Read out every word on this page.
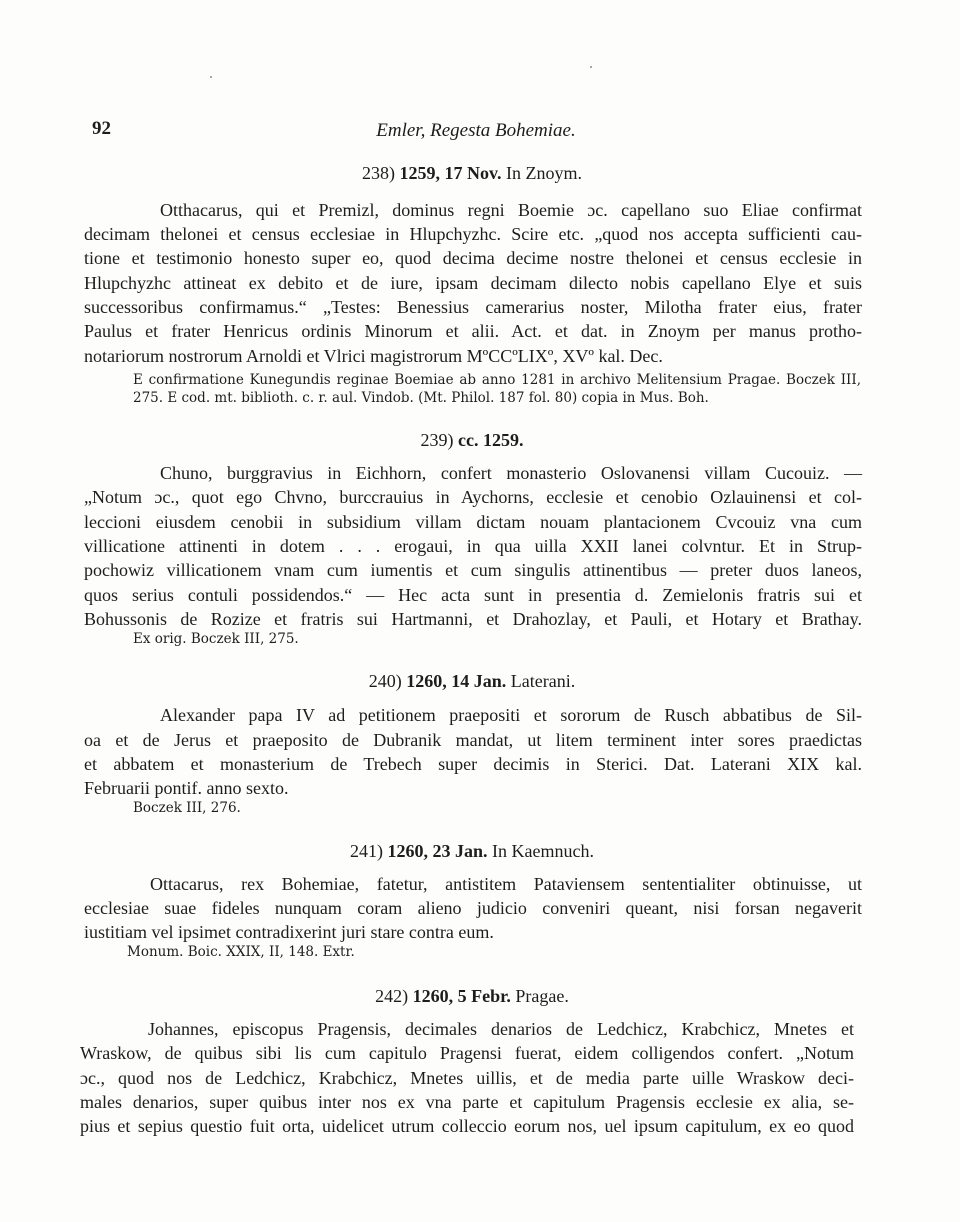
92	Emler, Regesta Bohemiae.
238) 1259, 17 Nov. In Znoym.
Otthacarus, qui et Premizl, dominus regni Boemie ɔc. capellano suo Eliae confirmat
decimam thelonei et census ecclesiae in Hlupchyzhc. Scire etc. „quod nos accepta sufficienti cau-
tione et testimonio honesto super eo, quod decima decime nostre thelonei et census ecclesie in
Hlupchyzhc attineat ex debito et de iure, ipsam decimam dilecto nobis capellano Elye et suis
successoribus confirmamus.“ „Testes: Benessius camerarius noster, Milotha frater eius, frater
Paulus et frater Henricus ordinis Minorum et alii. Act. et dat. in Znoym per manus protho-
notariorum nostrorum Arnoldi et Vlrici magistrorum MºCCºLIXº, XVº kal. Dec.
E confirmatione Kunegundis reginae Boemiae ab anno 1281 in archivo Melitensium Pragae. Boczek III,
275. E cod. mt. biblioth. c. r. aul. Vindob. (Mt. Philol. 187 fol. 80) copia in Mus. Boh.
239) cc. 1259.
Chuno, burggravius in Eichhorn, confert monasterio Oslovanensi villam Cucouiz. —
„Notum ɔc., quot ego Chvno, burccrauius in Aychorns, ecclesie et cenobio Ozlauinensi et col-
leccioni eiusdem cenobii in subsidium villam dictam nouam plantacionem Cvcouiz vna cum
villicatione attinenti in dotem . . . erogaui, in qua uilla XXII lanei colvntur. Et in Strup-
pochowiz villicationem vnam cum iumentis et cum singulis attinentibus — preter duos laneos,
quos serius contuli possidendos.“ — Hec acta sunt in presentia d. Zemielonis fratris sui et
Bohussonis de Rozize et fratris sui Hartmanni, et Drahozlay, et Pauli, et Hotary et Brathay.
Ex orig. Boczek III, 275.
240) 1260, 14 Jan. Laterani.
Alexander papa IV ad petitionem praepositi et sororum de Rusch abbatibus de Sil-
oa et de Jerus et praeposito de Dubranik mandat, ut litem terminent inter sores praedictas
et abbatem et monasterium de Trebech super decimis in Sterici. Dat. Laterani XIX kal.
Februarii pontif. anno sexto.
Boczek III, 276.
241) 1260, 23 Jan. In Kaemnuch.
Ottacarus, rex Bohemiae, fatetur, antistitem Pataviensem sententialiter obtinuisse, ut
ecclesiae suae fideles nunquam coram alieno judicio conveniri queant, nisi forsan negaverit
iustitiam vel ipsimet contradixerint juri stare contra eum.
Monum. Boic. XXIX, II, 148. Extr.
242) 1260, 5 Febr. Pragae.
Johannes, episcopus Pragensis, decimales denarios de Ledchicz, Krabchicz, Mnetes et
Wraskow, de quibus sibi lis cum capitulo Pragensi fuerat, eidem colligendos confert. „Notum
ɔc., quod nos de Ledchicz, Krabchicz, Mnetes uillis, et de media parte uille Wraskow deci-
males denarios, super quibus inter nos ex vna parte et capitulum Pragensis ecclesie ex alia, se-
pius et sepius questio fuit orta, uidelicet utrum colleccio eorum nos, uel ipsum capitulum, ex eo quod
